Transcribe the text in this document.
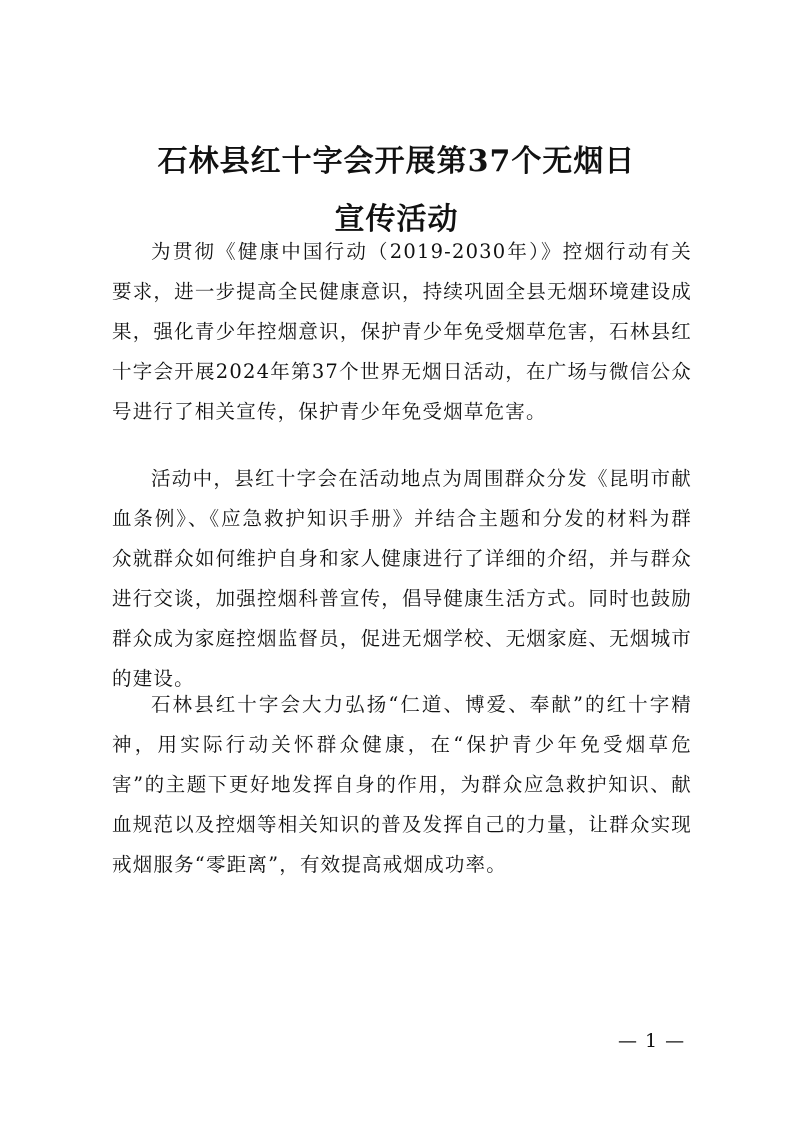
石林县红十字会开展第37个无烟日
宣传活动

为贯彻《健康中国行动（2019-2030年）》控烟行动有关要求，进一步提高全民健康意识，持续巩固全县无烟环境建设成果，强化青少年控烟意识，保护青少年免受烟草危害，石林县红十字会开展2024年第37个世界无烟日活动，在广场与微信公众号进行了相关宣传，保护青少年免受烟草危害。

活动中，县红十字会在活动地点为周围群众分发《昆明市献血条例》、《应急救护知识手册》并结合主题和分发的材料为群众就群众如何维护自身和家人健康进行了详细的介绍，并与群众进行交谈，加强控烟科普宣传，倡导健康生活方式。同时也鼓励群众成为家庭控烟监督员，促进无烟学校、无烟家庭、无烟城市的建设。

石林县红十字会大力弘扬“仁道、博爱、奉献”的红十字精神，用实际行动关怀群众健康，在“保护青少年免受烟草危害”的主题下更好地发挥自身的作用，为群众应急救护知识、献血规范以及控烟等相关知识的普及发挥自己的力量，让群众实现戒烟服务“零距离”，有效提高戒烟成功率。

— 1 —
